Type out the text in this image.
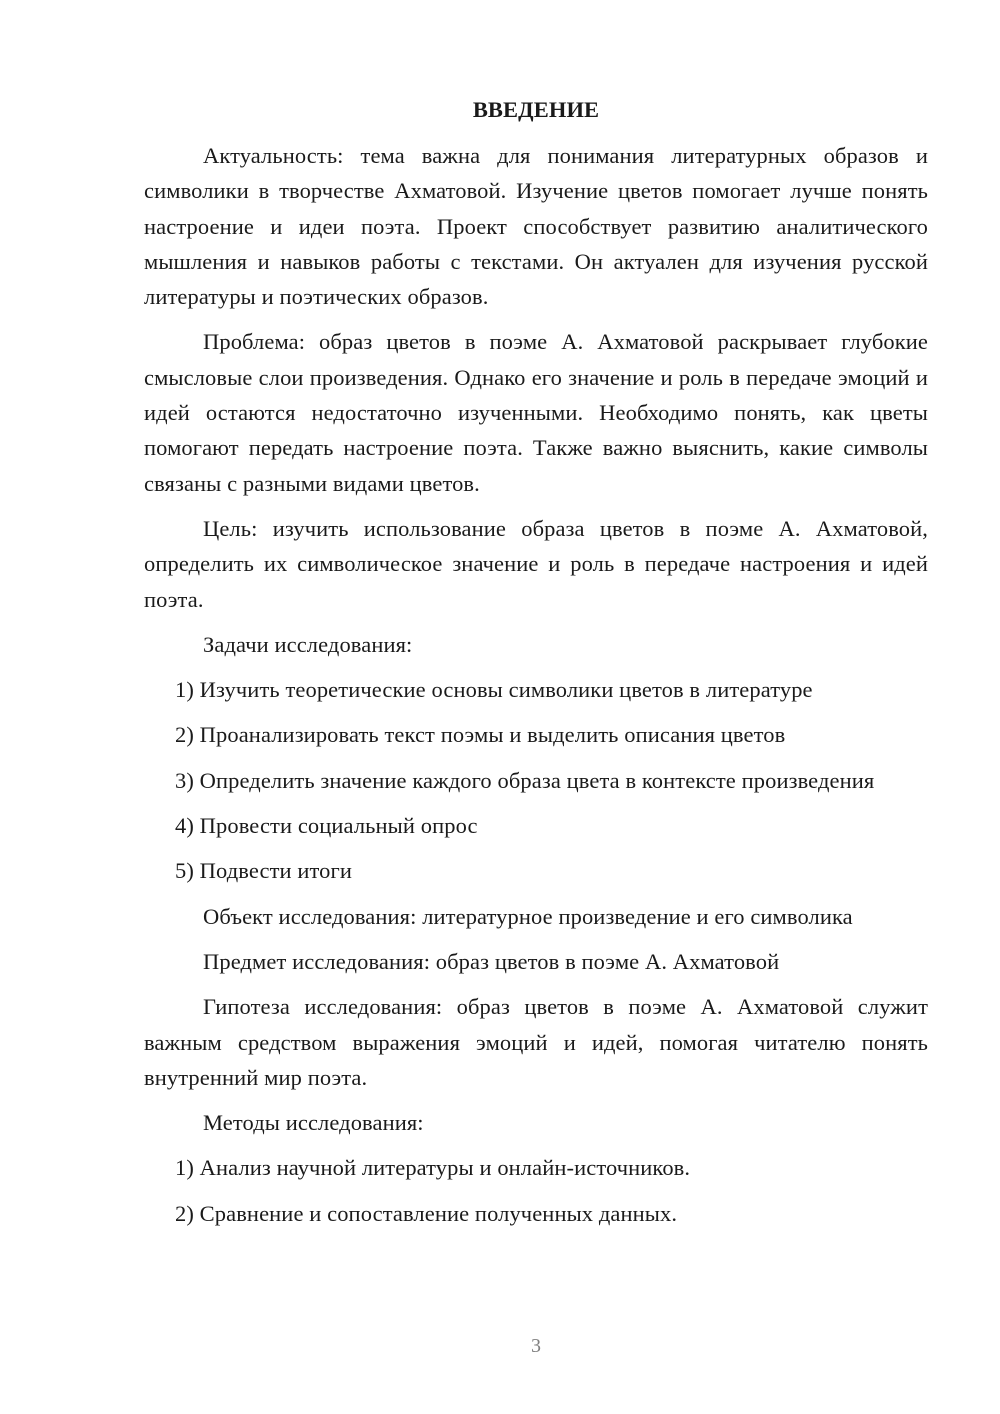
ВВЕДЕНИЕ

Актуальность: тема важна для понимания литературных образов и символики в творчестве Ахматовой. Изучение цветов помогает лучше понять настроение и идеи поэта. Проект способствует развитию аналитического мышления и навыков работы с текстами. Он актуален для изучения русской литературы и поэтических образов.

Проблема: образ цветов в поэме А. Ахматовой раскрывает глубокие смысловые слои произведения. Однако его значение и роль в передаче эмоций и идей остаются недостаточно изученными. Необходимо понять, как цветы помогают передать настроение поэта. Также важно выяснить, какие символы связаны с разными видами цветов.

Цель: изучить использование образа цветов в поэме А. Ахматовой, определить их символическое значение и роль в передаче настроения и идей поэта.

Задачи исследования:
1) Изучить теоретические основы символики цветов в литературе
2) Проанализировать текст поэмы и выделить описания цветов

3) Определить значение каждого образа цвета в контексте произведения

4) Провести социальный опрос
5) Подвести итоги
Объект исследования: литературное произведение и его символика
Предмет исследования: образ цветов в поэме А. Ахматовой

Гипотеза исследования: образ цветов в поэме А. Ахматовой служит важным средством выражения эмоций и идей, помогая читателю понять внутренний мир поэта.

Методы исследования:
1) Анализ научной литературы и онлайн-источников.
2) Сравнение и сопоставление полученных данных.
3
